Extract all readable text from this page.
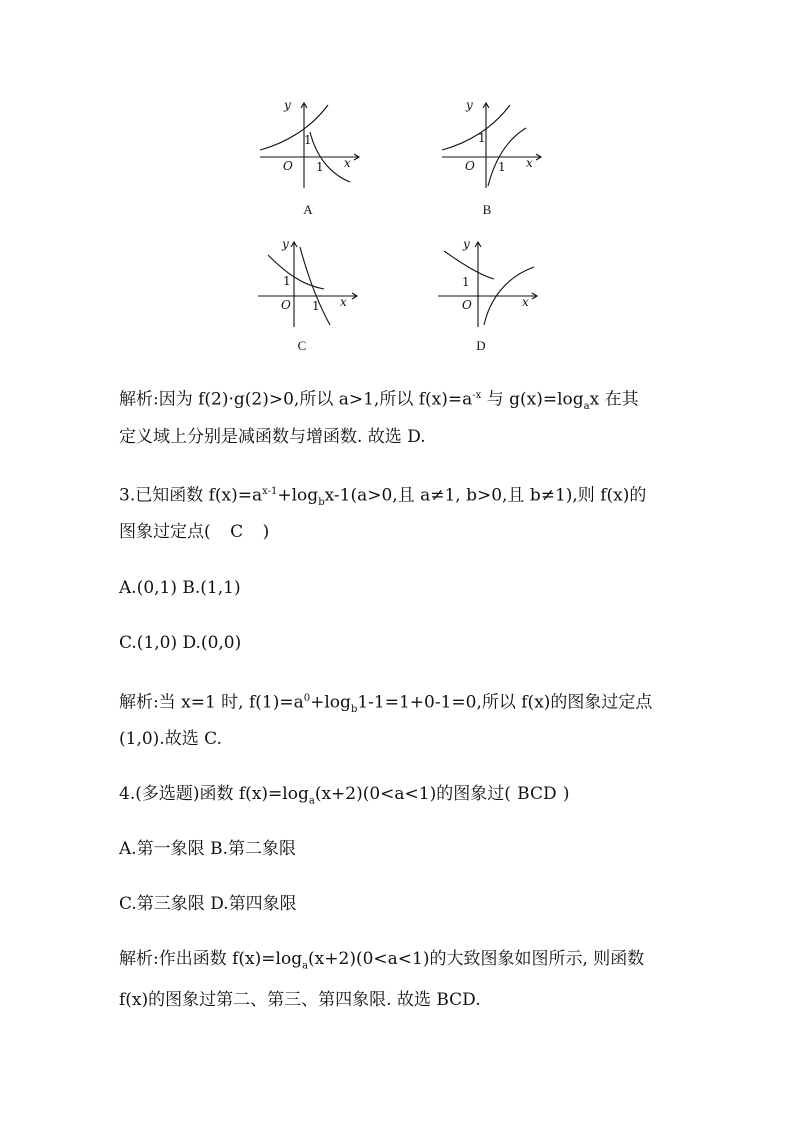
y
x
O
1
1
A
y
x
O
1
1
B
y
x
O
1
1
C
y
x
O
1
D
解析:因为 f(2)·g(2)>0,所以 a>1,所以 $f(x)=a^{-x}$ 与 $g(x)=\log_ax$ 在其
定义域上分别是减函数与增函数. 故选 D.
3.已知函数 $f(x)=a^{x-1}+\log_bx-1(a>0$,且 a≠1, b>0,且 b≠1),则 f(x)的
图象过定点( C )
A.(0,1) B.(1,1)
C.(1,0) D.(0,0)
解析:当 x=1 时, $f(1)=a^0+\log_b1-1=1+0-1=0$,所以 f(x)的图象过定点
(1,0).故选 C.
4.(多选题)函数 $f(x)=\log_a(x+2)(0<a<1)$的图象过( BCD )
A.第一象限 B.第二象限
C.第三象限 D.第四象限
解析:作出函数 $f(x)=\log_a(x+2)(0<a<1)$的大致图象如图所示, 则函数
f(x)的图象过第二、第三、第四象限. 故选 BCD.
